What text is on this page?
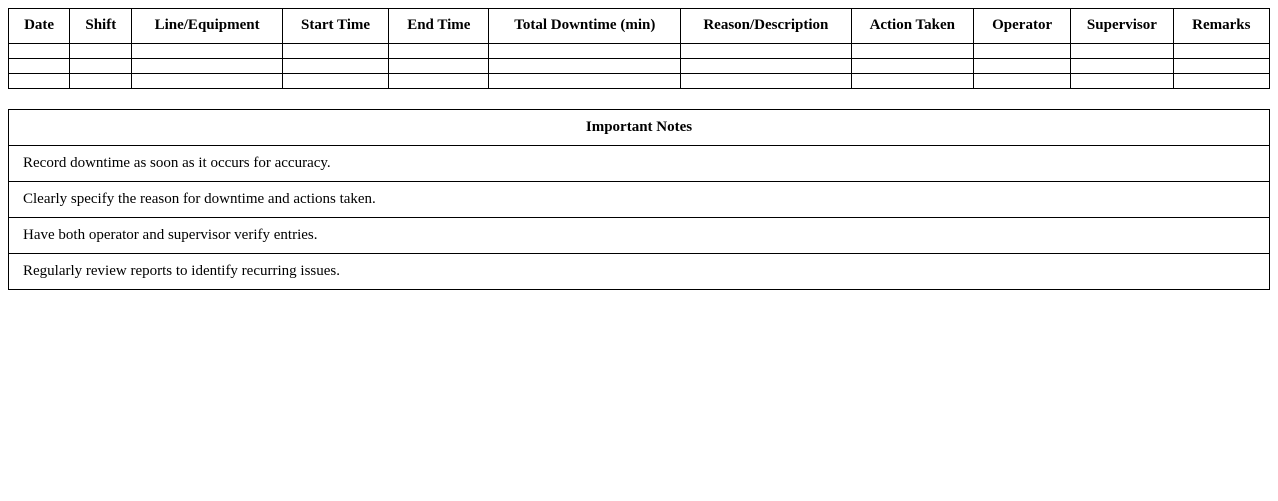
Date	Shift	Line/Equipment	Start Time	End Time	Total Downtime (min)	Reason/Description	Action Taken	Operator	Supervisor	Remarks

Important Notes
Record downtime as soon as it occurs for accuracy.
Clearly specify the reason for downtime and actions taken.
Have both operator and supervisor verify entries.
Regularly review reports to identify recurring issues.
